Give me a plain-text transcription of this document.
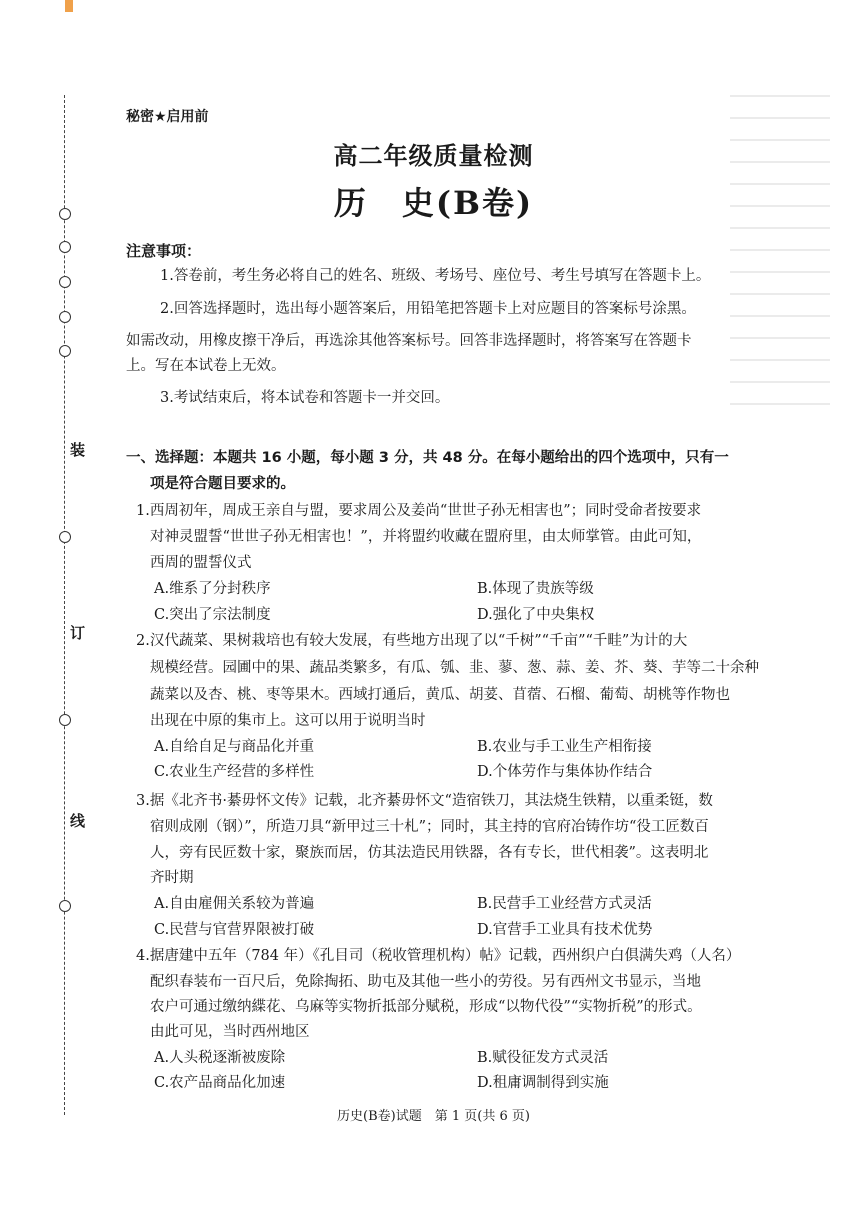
装
订
线
秘密★启用前
高二年级质量检测
历　史(B卷)
注意事项：
1.答卷前，考生务必将自己的姓名、班级、考场号、座位号、考生号填写在答题卡上。
2.回答选择题时，选出每小题答案后，用铅笔把答题卡上对应题目的答案标号涂黑。
如需改动，用橡皮擦干净后，再选涂其他答案标号。回答非选择题时，将答案写在答题卡
上。写在本试卷上无效。
3.考试结束后，将本试卷和答题卡一并交回。
一、选择题：本题共 16 小题，每小题 3 分，共 48 分。在每小题给出的四个选项中，只有一
项是符合题目要求的。
1.西周初年，周成王亲自与盟，要求周公及姜尚“世世子孙无相害也”；同时受命者按要求
对神灵盟誓“世世子孙无相害也！”，并将盟约收藏在盟府里，由太师掌管。由此可知，
西周的盟誓仪式
A.维系了分封秩序	B.体现了贵族等级
C.突出了宗法制度	D.强化了中央集权
2.汉代蔬菜、果树栽培也有较大发展，有些地方出现了以“千树”“千亩”“千畦”为计的大
规模经营。园圃中的果、蔬品类繁多，有瓜、瓠、韭、蓼、葱、蒜、姜、芥、葵、芋等二十余种
蔬菜以及杏、桃、枣等果木。西域打通后，黄瓜、胡荽、苜蓿、石榴、葡萄、胡桃等作物也
出现在中原的集市上。这可以用于说明当时
A.自给自足与商品化并重	B.农业与手工业生产相衔接
C.农业生产经营的多样性	D.个体劳作与集体协作结合
3.据《北齐书·綦毋怀文传》记载，北齐綦毋怀文“造宿铁刀，其法烧生铁精，以重柔铤，数
宿则成刚（钢）”，所造刀具“新甲过三十札”；同时，其主持的官府冶铸作坊“役工匠数百
人，旁有民匠数十家，聚族而居，仿其法造民用铁器，各有专长，世代相袭”。这表明北
齐时期
A.自由雇佣关系较为普遍	B.民营手工业经营方式灵活
C.民营与官营界限被打破	D.官营手工业具有技术优势
4.据唐建中五年（784 年）《孔目司（税收管理机构）帖》记载，西州织户白倶满失鸡（人名）
配织春装布一百尺后，免除掏拓、助屯及其他一些小的劳役。另有西州文书显示，当地
农户可通过缴纳緤花、乌麻等实物折抵部分赋税，形成“以物代役”“实物折税”的形式。
由此可见，当时西州地区
A.人头税逐渐被废除	B.赋役征发方式灵活
C.农产品商品化加速	D.租庸调制得到实施
历史(B卷)试题　第 1 页(共 6 页)
